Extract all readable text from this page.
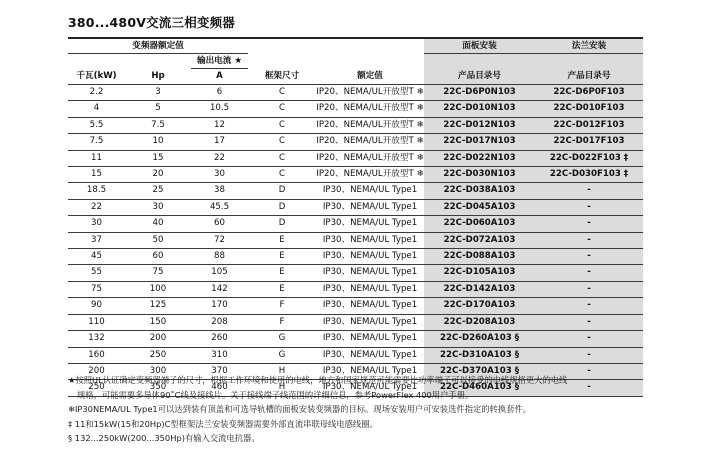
380...480V交流三相变频器
变频器额定值					面板安装	法兰安装
		输出电流 ★				
千瓦(kW)	Hp	A	框架尺寸	额定值	产品目录号	产品目录号
2.2	3	6	C	IP20、NEMA/UL开放型T ❄	22C-D6P0N103	22C-D6P0F103
4	5	10.5	C	IP20、NEMA/UL开放型T ❄	22C-D010N103	22C-D010F103
5.5	7.5	12	C	IP20、NEMA/UL开放型T ❄	22C-D012N103	22C-D012F103
7.5	10	17	C	IP20、NEMA/UL开放型T ❄	22C-D017N103	22C-D017F103
11	15	22	C	IP20、NEMA/UL开放型T ❄	22C-D022N103	22C-D022F103 ‡
15	20	30	C	IP20、NEMA/UL开放型T ❄	22C-D030N103	22C-D030F103 ‡
18.5	25	38	D	IP30、NEMA/UL Type1	22C-D038A103	-
22	30	45.5	D	IP30、NEMA/UL Type1	22C-D045A103	-
30	40	60	D	IP30、NEMA/UL Type1	22C-D060A103	-
37	50	72	E	IP30、NEMA/UL Type1	22C-D072A103	-
45	60	88	E	IP30、NEMA/UL Type1	22C-D088A103	-
55	75	105	E	IP30、NEMA/UL Type1	22C-D105A103	-
75	100	142	E	IP30、NEMA/UL Type1	22C-D142A103	-
90	125	170	F	IP30、NEMA/UL Type1	22C-D170A103	-
110	150	208	F	IP30、NEMA/UL Type1	22C-D208A103	-
132	200	260	G	IP30、NEMA/UL Type1	22C-D260A103 §	-
160	250	310	G	IP30、NEMA/UL Type1	22C-D310A103 §	-
200	300	370	H	IP30、NEMA/UL Type1	22C-D370A103 §	-
250	350	460	H	IP30、NEMA/UL Type1	22C-D460A103 §	-

★按照UL认证确定变频器端子的尺寸，根据工作环境和使用的电线，地方和国家规范可能需要比功率端子可以接受的电线规格更大的电线

规格，可能需要多导体90˚C线及接线片。关于接线端子线范围的详细信息，参考PowerFlex 400用户手册。

❄IP30NEMA/UL Type1可以达到装有顶盖和可选导轨槽的面板安装变频器的目标。现场安装用户可安装选件指定的转换套件。

‡ 11和15kW(15和20Hp)C型框架法兰安装变频器需要外部直流串联母线电感线圈。

§ 132...250kW(200...350Hp)有输入交流电抗器。
